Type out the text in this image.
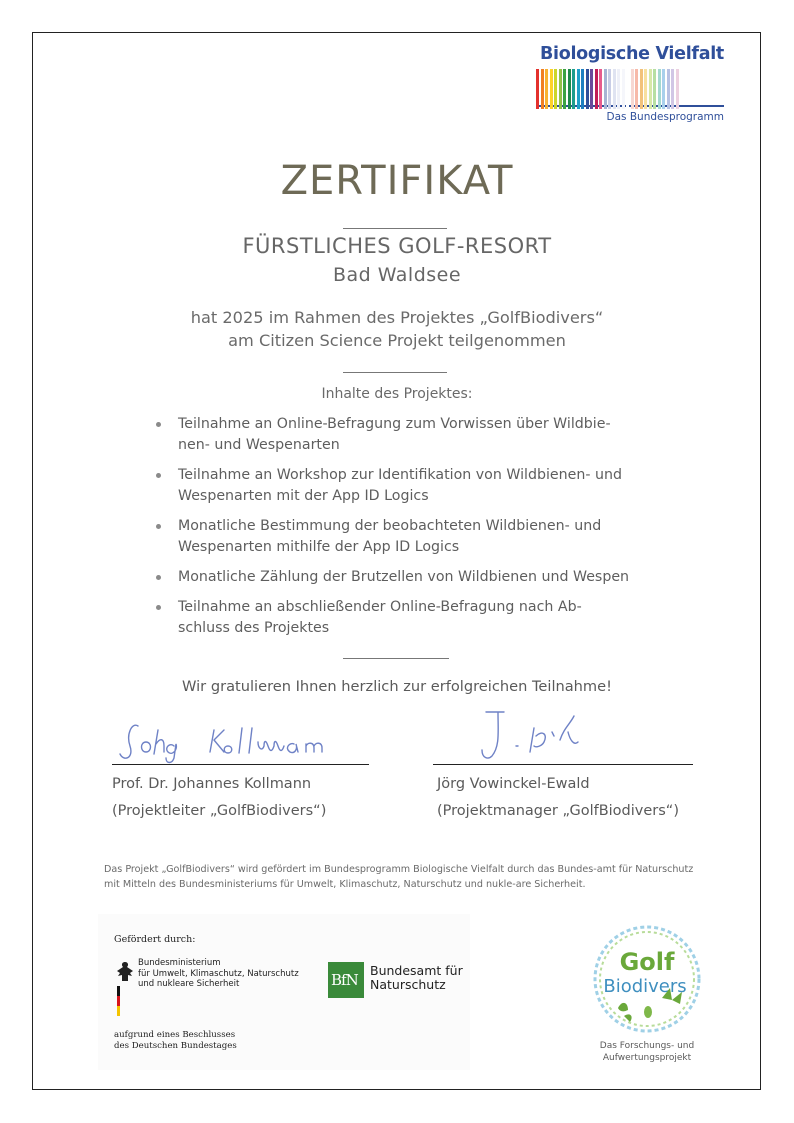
Biologische Vielfalt
Das Bundesprogramm
ZERTIFIKAT
FÜRSTLICHES GOLF-RESORT
Bad Waldsee
hat 2025 im Rahmen des Projektes „GolfBiodivers“
am Citizen Science Projekt teilgenommen
Inhalte des Projektes:
Teilnahme an Online-Befragung zum Vorwissen über Wildbie-
nen- und Wespenarten
Teilnahme an Workshop zur Identifikation von Wildbienen- und Wespenarten mit der App ID Logics
Monatliche Bestimmung der beobachteten Wildbienen- und Wespenarten mithilfe der App ID Logics
Monatliche Zählung der Brutzellen von Wildbienen und Wespen
Teilnahme an abschließender Online-Befragung nach Ab-
schluss des Projektes
Wir gratulieren Ihnen herzlich zur erfolgreichen Teilnahme!
Prof. Dr. Johannes Kollmann
(Projektleiter „GolfBiodivers“)
Jörg Vowinckel-Ewald
(Projektmanager „GolfBiodivers“)
Das Projekt „GolfBiodivers“ wird gefördert im Bundesprogramm Biologische Vielfalt durch das Bundes-amt für Naturschutz mit Mitteln des Bundesministeriums für Umwelt, Klimaschutz, Naturschutz und nukle-are Sicherheit.
Gefördert durch:
Bundesministerium
für Umwelt, Klimaschutz, Naturschutz
und nukleare Sicherheit	BfN
Bundesamt für
Naturschutz
aufgrund eines Beschlusses
des Deutschen Bundestages
Golf
Biodivers
Das Forschungs- und
Aufwertungsprojekt
